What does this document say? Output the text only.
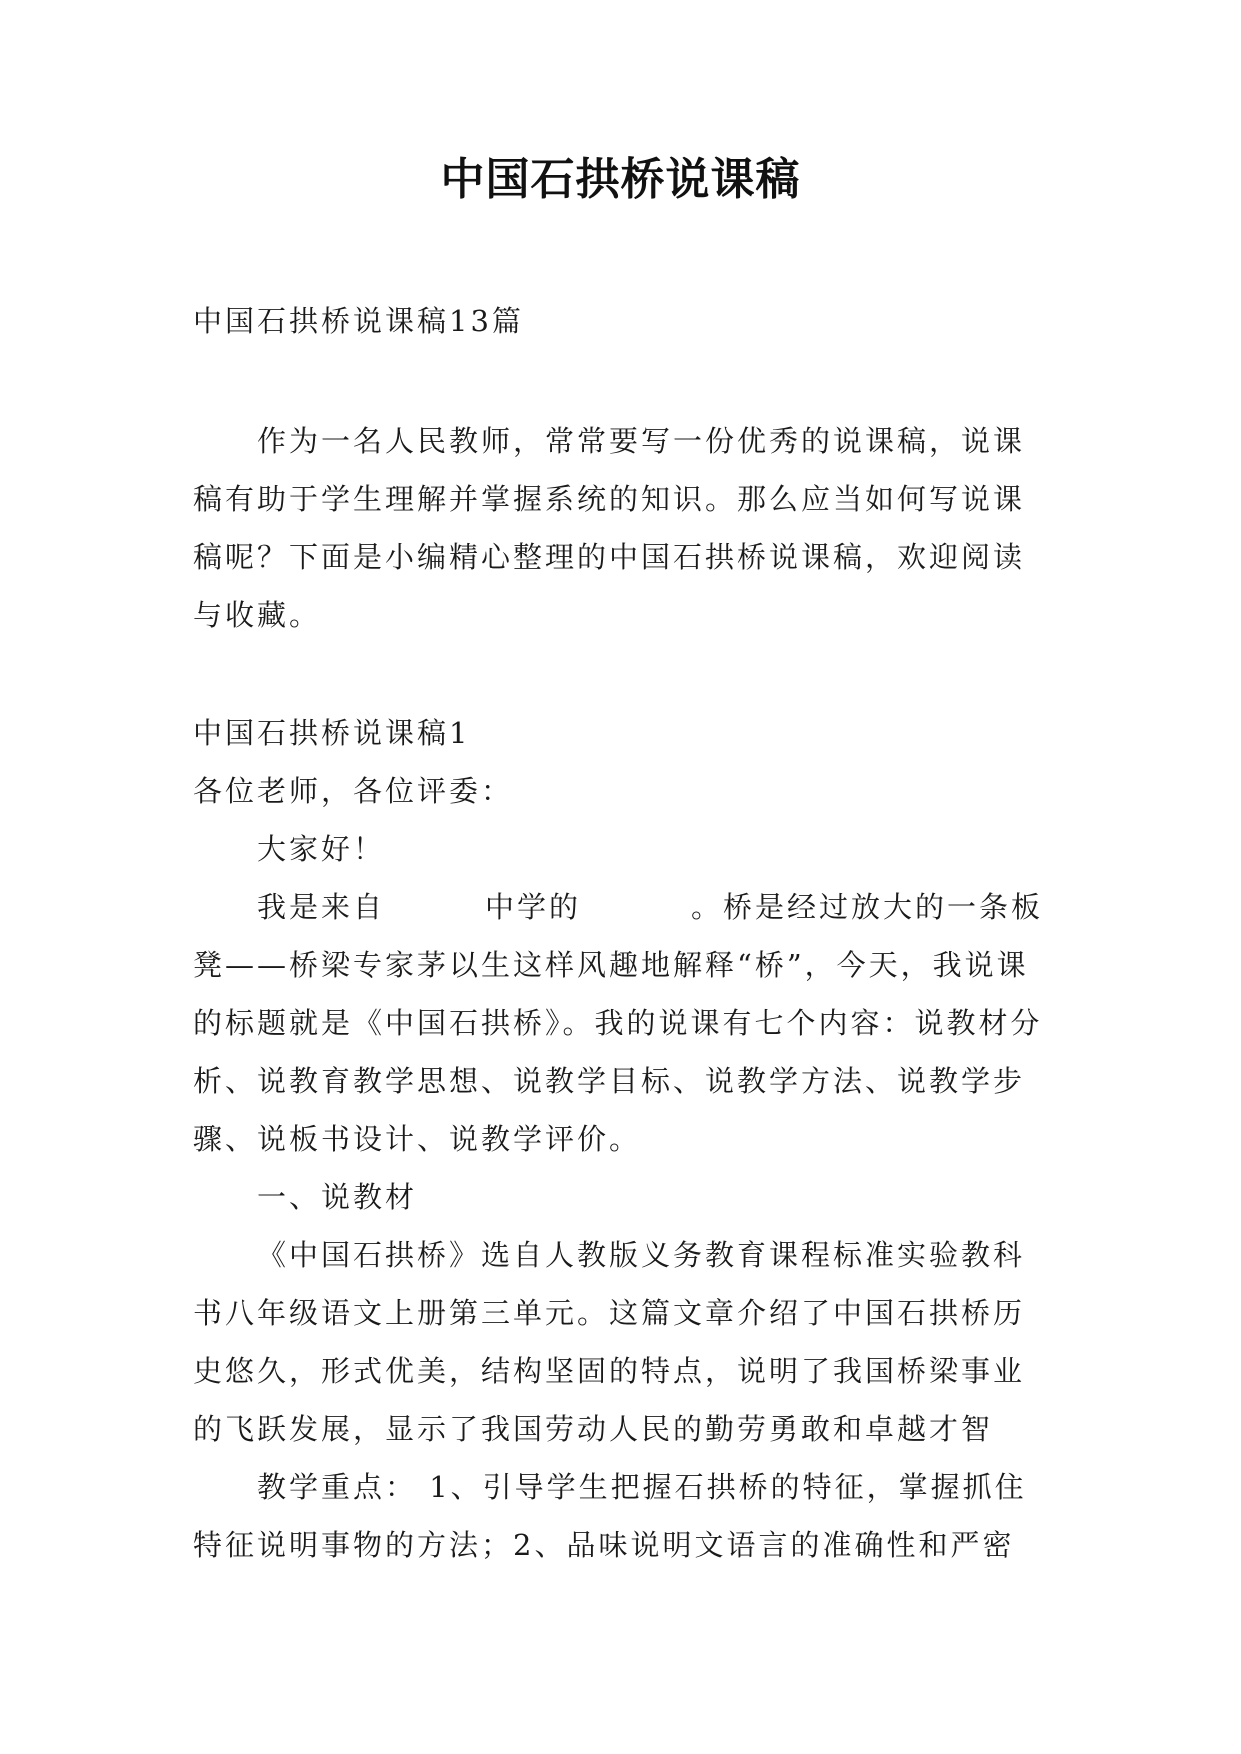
中国石拱桥说课稿

中国石拱桥说课稿13篇

作为一名人民教师，常常要写一份优秀的说课稿，说课稿有助于学生理解并掌握系统的知识。那么应当如何写说课稿呢？下面是小编精心整理的中国石拱桥说课稿，欢迎阅读与收藏。

中国石拱桥说课稿1

各位老师，各位评委：

大家好！

我是来自	中学的	。桥是经过放大的一条板凳——桥梁专家茅以生这样风趣地解释“桥”，今天，我说课的标题就是《中国石拱桥》。我的说课有七个内容：说教材分析、说教育教学思想、说教学目标、说教学方法、说教学步骤、说板书设计、说教学评价。

一、说教材

《中国石拱桥》选自人教版义务教育课程标准实验教科书八年级语文上册第三单元。这篇文章介绍了中国石拱桥历史悠久，形式优美，结构坚固的特点，说明了我国桥梁事业的飞跃发展，显示了我国劳动人民的勤劳勇敢和卓越才智

教学重点： 1、引导学生把握石拱桥的特征，掌握抓住特征说明事物的方法；2、品味说明文语言的准确性和严密
